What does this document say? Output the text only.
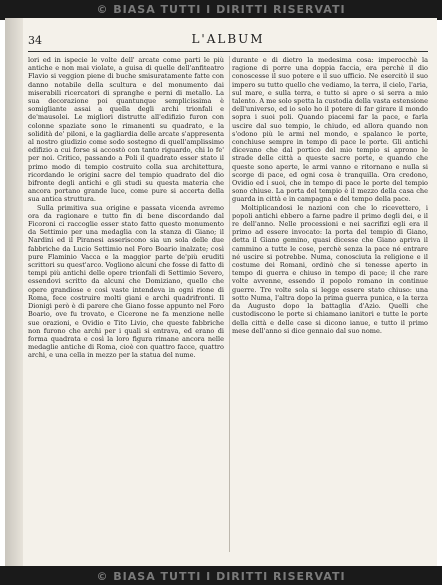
© BIASA TUTTI I DIRITTI RISERVATI
34	L'ALBUM

lori ed in ispecie le volte dell' arcate come parti le più antiche e non mai violate, a guisa di quelle dell'anfiteatro Flavio si veggion piene di buche smisuratamente fatte con danno notabile della scultura e del monumento dai miserabili ricercatori di spranghe e perni di metallo. La sua decorazione poi quantunque semplicissima è somigliante assai a quella degli archi trionfali e de'mausolei. Le migliori distrutte all'edifizio furon con colonne spaziate sono le rimanenti su quadrato, e la solidità de' piloni, e la gagliardia delle arcate s'appresenta al nostro giudizio come sodo sostegno di quell'amplissimo edifizio a cui forse si accostò con tanto riguardo, chi lo fe' per noi. Critico, passando a Poli il quadrato esser stato il primo modo di tempio costruito colla sua architettura, ricordando le origini sacre del tempio quadrato del dio bifronte degli antichi e gli studi su questa materia che ancora portano grande luce, come pure si accerta della sua antica struttura.

Sulla primitiva sua origine e passata vicenda avremo ora da ragionare e tutto fin di bene discordando dal Ficoroni ci raccoglie esser stato fatto questo monumento da Settimio per una medaglia con la stanza di Giano; il Nardini ed il Piranesi asseriscono sia un sola delle due fabbriche da Lucio Settimio nel Foro Boario inalzate; così pure Flaminio Vacca e la maggior parte de'più eruditi scrittori su quest'arco. Vogliono alcuni che fosse di fatto di tempi più antichi delle opere trionfali di Settimio Severo, essendovi scritto da alcuni che Domiziano, quello che opere grandiose e così vaste intendeva in ogni rione di Roma, fece costruire molti giani e archi quadrifronti. Il Dionigi però è di parere che Giano fosse appunto nel Foro Boario, ove fu trovato, e Cicerone ne fa menzione nelle sue orazioni, e Ovidio e Tito Livio, che queste fabbriche non furono che archi per i quali si entrava, ed erano di forma quadrata e così la loro figura rimane ancora nelle medaglie antiche di Roma, cioè con quattro facce, quattro archi, e una cella in mezzo per la statua del nume.

durante e di dietro la medesima cosa: imperocchè la ragione di porre una doppia faccia, era perchè il dio conoscesse il suo potere e il suo ufficio. Ne esercitò il suo impero su tutto quello che vediamo, la terra, il cielo, l'aria, sul mare, e sulla terra, e tutto si apre o si serra a mio talento. A me solo spetta la custodia della vasta estensione dell'universo, ed io solo ho il potere di far girare il mondo sopra i suoi poli. Quando piacemi far la pace, e farla uscire dal suo tempio, le chiudo, ed allora quando non s'odono più le armi nel mondo, e spalanco le porte, conchiuse sempre in tempo di pace le porte. Gli antichi dicevano che dal portico del mio tempio si aprono le strade delle città a queste sacre porte, e quando che queste sono aperte, le armi vanno e ritornano e nulla si scorge di pace, ed ogni cosa è tranquilla. Ora credono, Ovidio ed i suoi, che in tempo di pace le porte del tempio sono chiuse. La porta del tempio è il mezzo della casa che guarda in città e in campagna e del tempo della pace.

Moltiplicandosi le nazioni con che lo ricevettero, i popoli antichi ebbero a farne padre il primo degli dei, e il re dell'anno. Nelle processioni e nei sacrifizi egli era il primo ad essere invocato: la porta del tempio di Giano, detta il Giano gemino, quasi dicesse che Giano apriva il cammino a tutte le cose, perchè senza la pace né entrare né uscire si potrebbe. Numa, conosciuta la religione e il costume dei Romani, ordinò che si tenesse aperto in tempo di guerra e chiuso in tempo di pace; il che rare volte avvenne, essendo il popolo romano in continue guerre. Tre volte sola si legge essere stato chiuso: una sotto Numa, l'altra dopo la prima guerra punica, e la terza da Augusto dopo la battaglia d'Azio. Quelli che custodiscono le porte si chiamano ianitori e tutte le porte della città e delle case si dicono ianue, e tutto il primo mese dell'anno si dice gennaio dal suo nome.

© BIASA TUTTI I DIRITTI RISERVATI
